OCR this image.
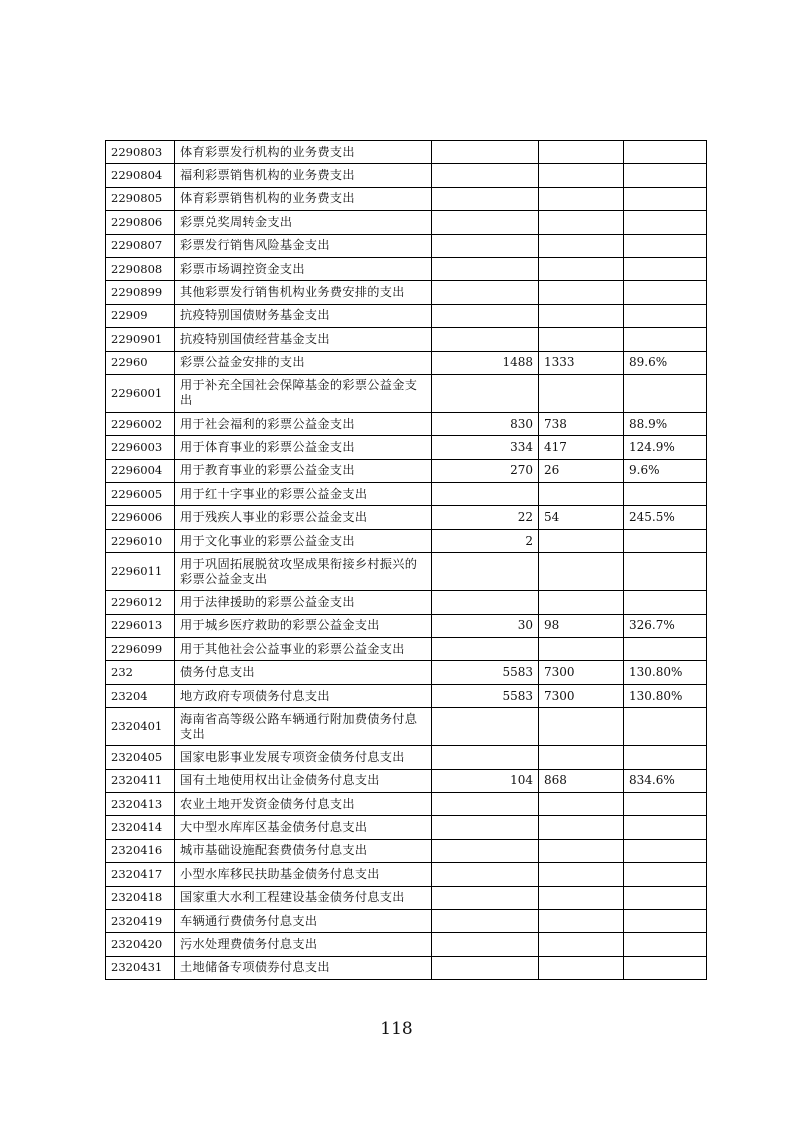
2290803	体育彩票发行机构的业务费支出			
2290804	福利彩票销售机构的业务费支出			
2290805	体育彩票销售机构的业务费支出			
2290806	彩票兑奖周转金支出			
2290807	彩票发行销售风险基金支出			
2290808	彩票市场调控资金支出			
2290899	其他彩票发行销售机构业务费安排的支出			
22909	抗疫特别国债财务基金支出			
2290901	抗疫特别国债经营基金支出			
22960	彩票公益金安排的支出	1488	1333	89.6%
2296001	用于补充全国社会保障基金的彩票公益金支出			
2296002	用于社会福利的彩票公益金支出	830	738	88.9%
2296003	用于体育事业的彩票公益金支出	334	417	124.9%
2296004	用于教育事业的彩票公益金支出	270	26	9.6%
2296005	用于红十字事业的彩票公益金支出			
2296006	用于残疾人事业的彩票公益金支出	22	54	245.5%
2296010	用于文化事业的彩票公益金支出	2		
2296011	用于巩固拓展脱贫攻坚成果衔接乡村振兴的彩票公益金支出			
2296012	用于法律援助的彩票公益金支出			
2296013	用于城乡医疗救助的彩票公益金支出	30	98	326.7%
2296099	用于其他社会公益事业的彩票公益金支出			
232	债务付息支出	5583	7300	130.80%
23204	地方政府专项债务付息支出	5583	7300	130.80%
2320401	海南省高等级公路车辆通行附加费债务付息支出			
2320405	国家电影事业发展专项资金债务付息支出			
2320411	国有土地使用权出让金债务付息支出	104	868	834.6%
2320413	农业土地开发资金债务付息支出			
2320414	大中型水库库区基金债务付息支出			
2320416	城市基础设施配套费债务付息支出			
2320417	小型水库移民扶助基金债务付息支出			
2320418	国家重大水利工程建设基金债务付息支出			
2320419	车辆通行费债务付息支出			
2320420	污水处理费债务付息支出			
2320431	土地储备专项债券付息支出			
118
